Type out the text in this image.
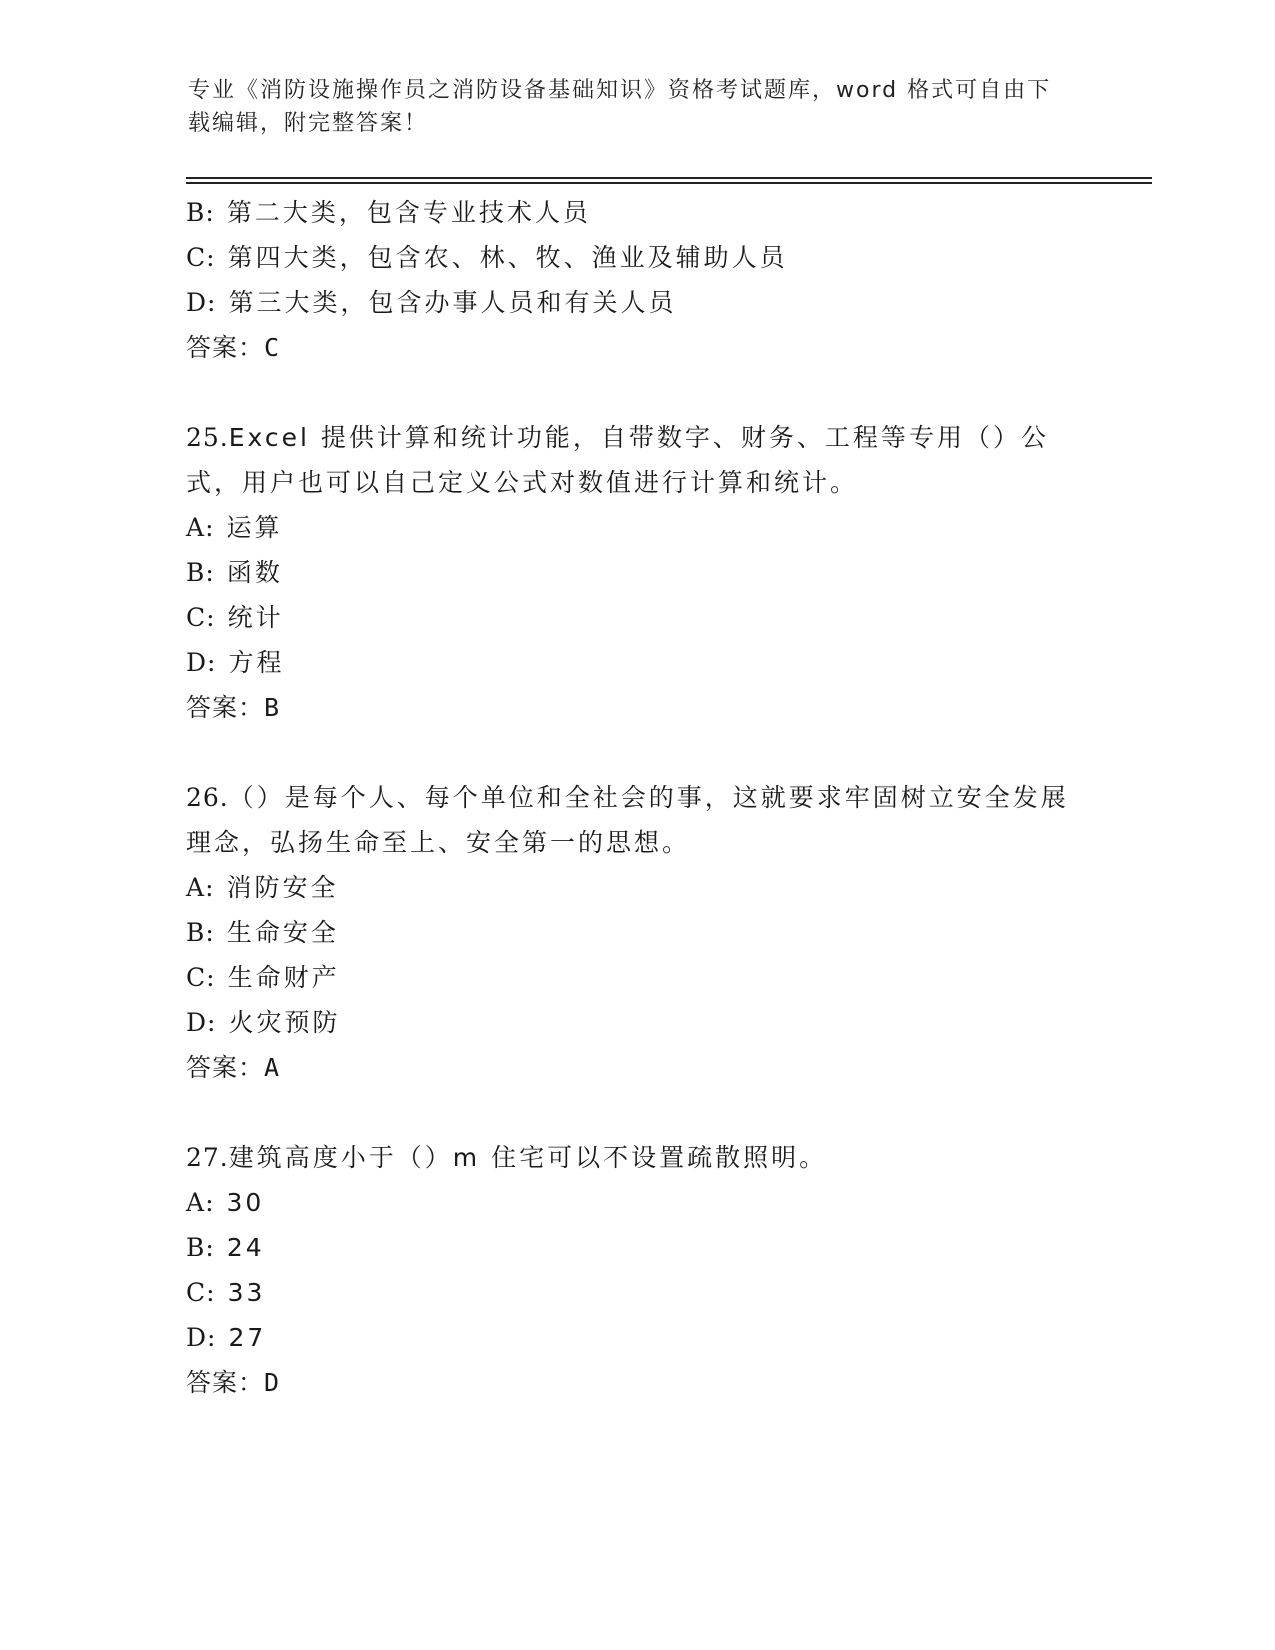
专业《消防设施操作员之消防设备基础知识》资格考试题库，word 格式可自由下载编辑，附完整答案！
B: 第二大类，包含专业技术人员
C: 第四大类，包含农、林、牧、渔业及辅助人员
D: 第三大类，包含办事人员和有关人员
答案：C
25.Excel 提供计算和统计功能，自带数字、财务、工程等专用（）公式，用户也可以自己定义公式对数值进行计算和统计。
A: 运算
B: 函数
C: 统计
D: 方程
答案：B
26.（）是每个人、每个单位和全社会的事，这就要求牢固树立安全发展理念，弘扬生命至上、安全第一的思想。
A: 消防安全
B: 生命安全
C: 生命财产
D: 火灾预防
答案：A
27.建筑高度小于（）m 住宅可以不设置疏散照明。
A: 30
B: 24
C: 33
D: 27
答案：D
